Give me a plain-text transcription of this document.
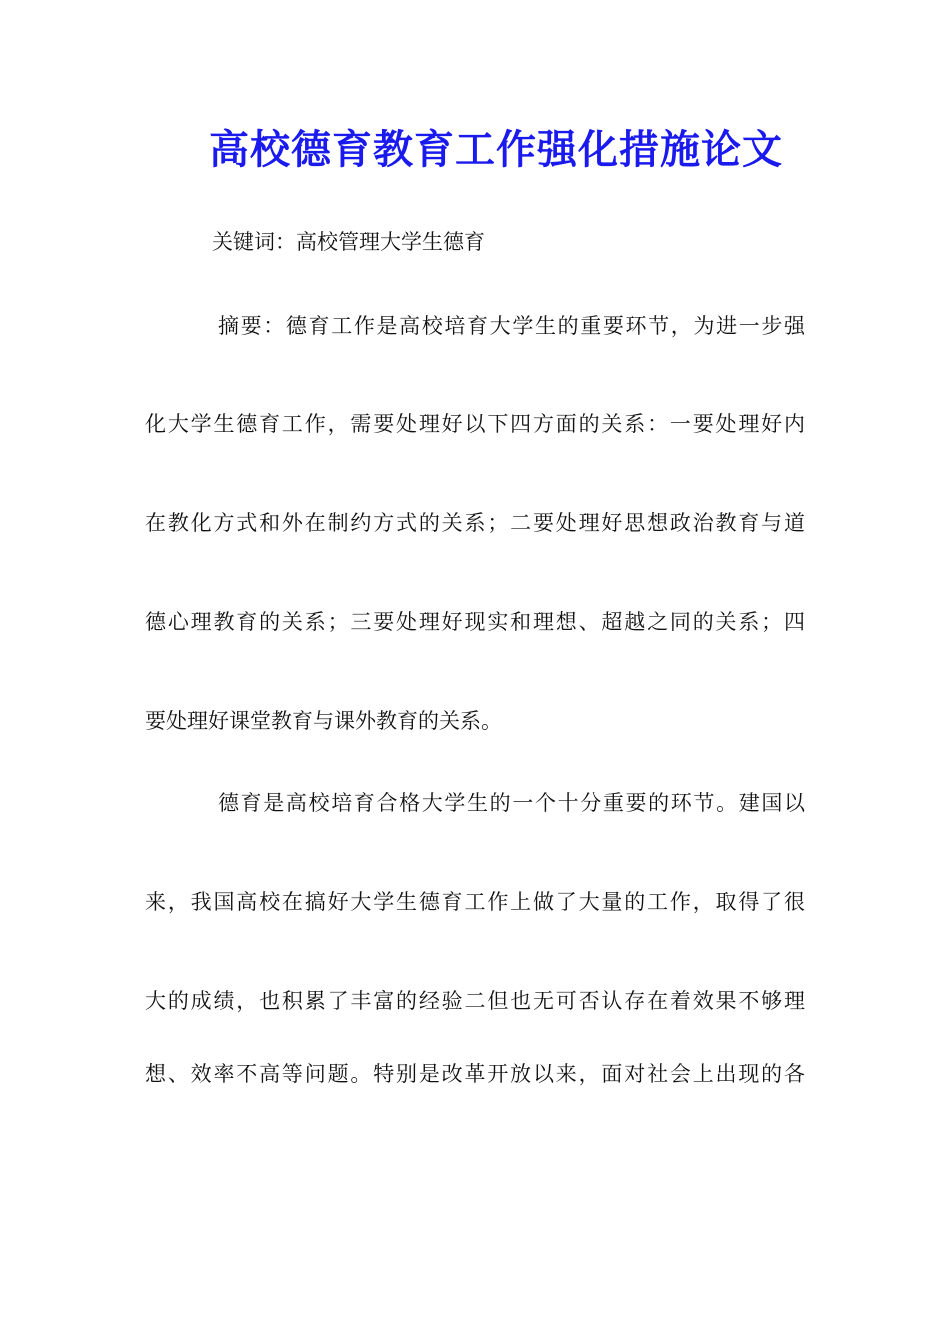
高校德育教育工作强化措施论文

关键词：高校管理大学生德育

摘要：德育工作是高校培育大学生的重要环节，为进一步强

化大学生德育工作，需要处理好以下四方面的关系：一要处理好内

在教化方式和外在制约方式的关系；二要处理好思想政治教育与道

德心理教育的关系；三要处理好现实和理想、超越之同的关系；四

要处理好课堂教育与课外教育的关系。

德育是高校培育合格大学生的一个十分重要的环节。建国以

来，我国高校在搞好大学生德育工作上做了大量的工作，取得了很

大的成绩，也积累了丰富的经验二但也无可否认存在着效果不够理

想、效率不高等问题。特别是改革开放以来，面对社会上出现的各
